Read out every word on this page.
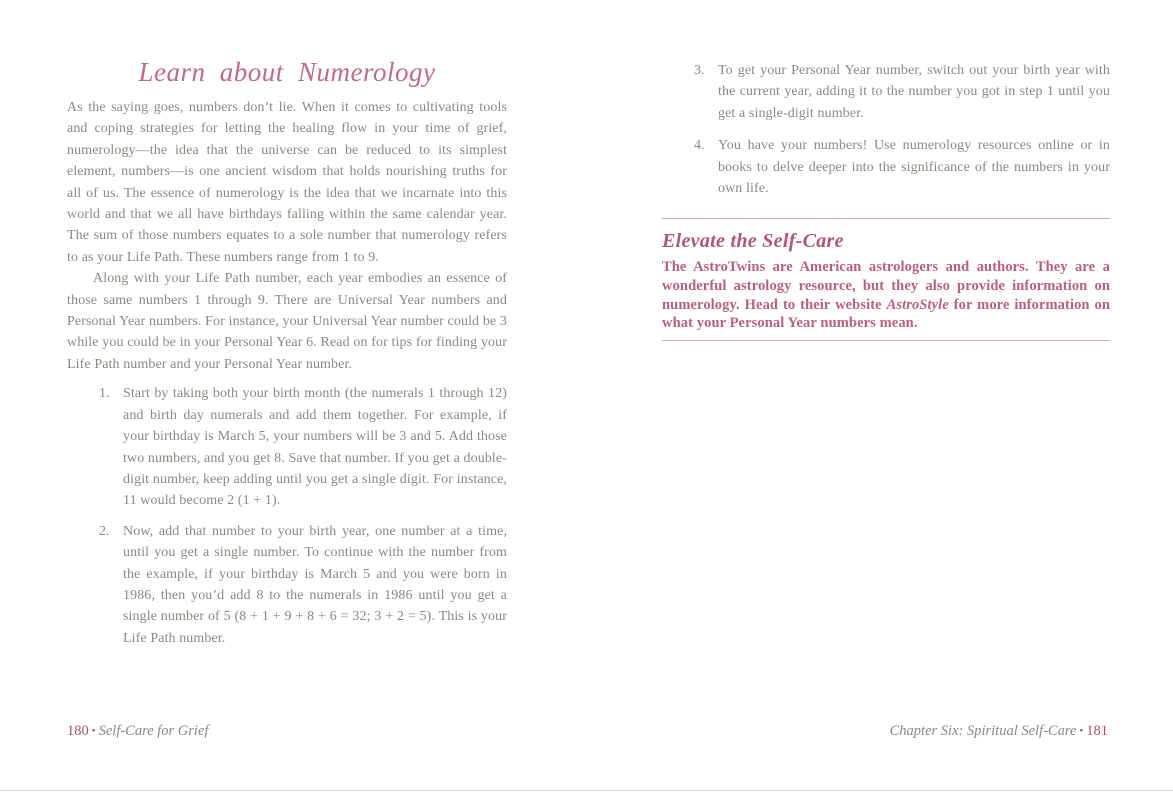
Learn about Numerology

As the saying goes, numbers don’t lie. When it comes to cultivating tools and coping strategies for letting the healing flow in your time of grief, numerology—the idea that the universe can be reduced to its simplest element, numbers—is one ancient wisdom that holds nourishing truths for all of us. The essence of numerology is the idea that we incarnate into this world and that we all have birthdays falling within the same calendar year. The sum of those numbers equates to a sole number that numerology refers to as your Life Path. These numbers range from 1 to 9.

Along with your Life Path number, each year embodies an essence of those same numbers 1 through 9. There are Universal Year numbers and Personal Year numbers. For instance, your Universal Year number could be 3 while you could be in your Personal Year 6. Read on for tips for finding your Life Path number and your Personal Year number.

1. Start by taking both your birth month (the numerals 1 through 12) and birth day numerals and add them together. For example, if your birthday is March 5, your numbers will be 3 and 5. Add those two numbers, and you get 8. Save that number. If you get a double-digit number, keep adding until you get a single digit. For instance, 11 would become 2 (1 + 1).
2. Now, add that number to your birth year, one number at a time, until you get a single number. To continue with the number from the example, if your birthday is March 5 and you were born in 1986, then you’d add 8 to the numerals in 1986 until you get a single number of 5 (8 + 1 + 9 + 8 + 6 = 32; 3 + 2 = 5). This is your Life Path number.
180 • Self-Care for Grief
3. To get your Personal Year number, switch out your birth year with the current year, adding it to the number you got in step 1 until you get a single-digit number.
4. You have your numbers! Use numerology resources online or in books to delve deeper into the significance of the numbers in your own life.
Elevate the Self-Care

The AstroTwins are American astrologers and authors. They are a wonderful astrology resource, but they also provide information on numerology. Head to their website AstroStyle for more information on what your Personal Year numbers mean.

Chapter Six: Spiritual Self-Care • 181
